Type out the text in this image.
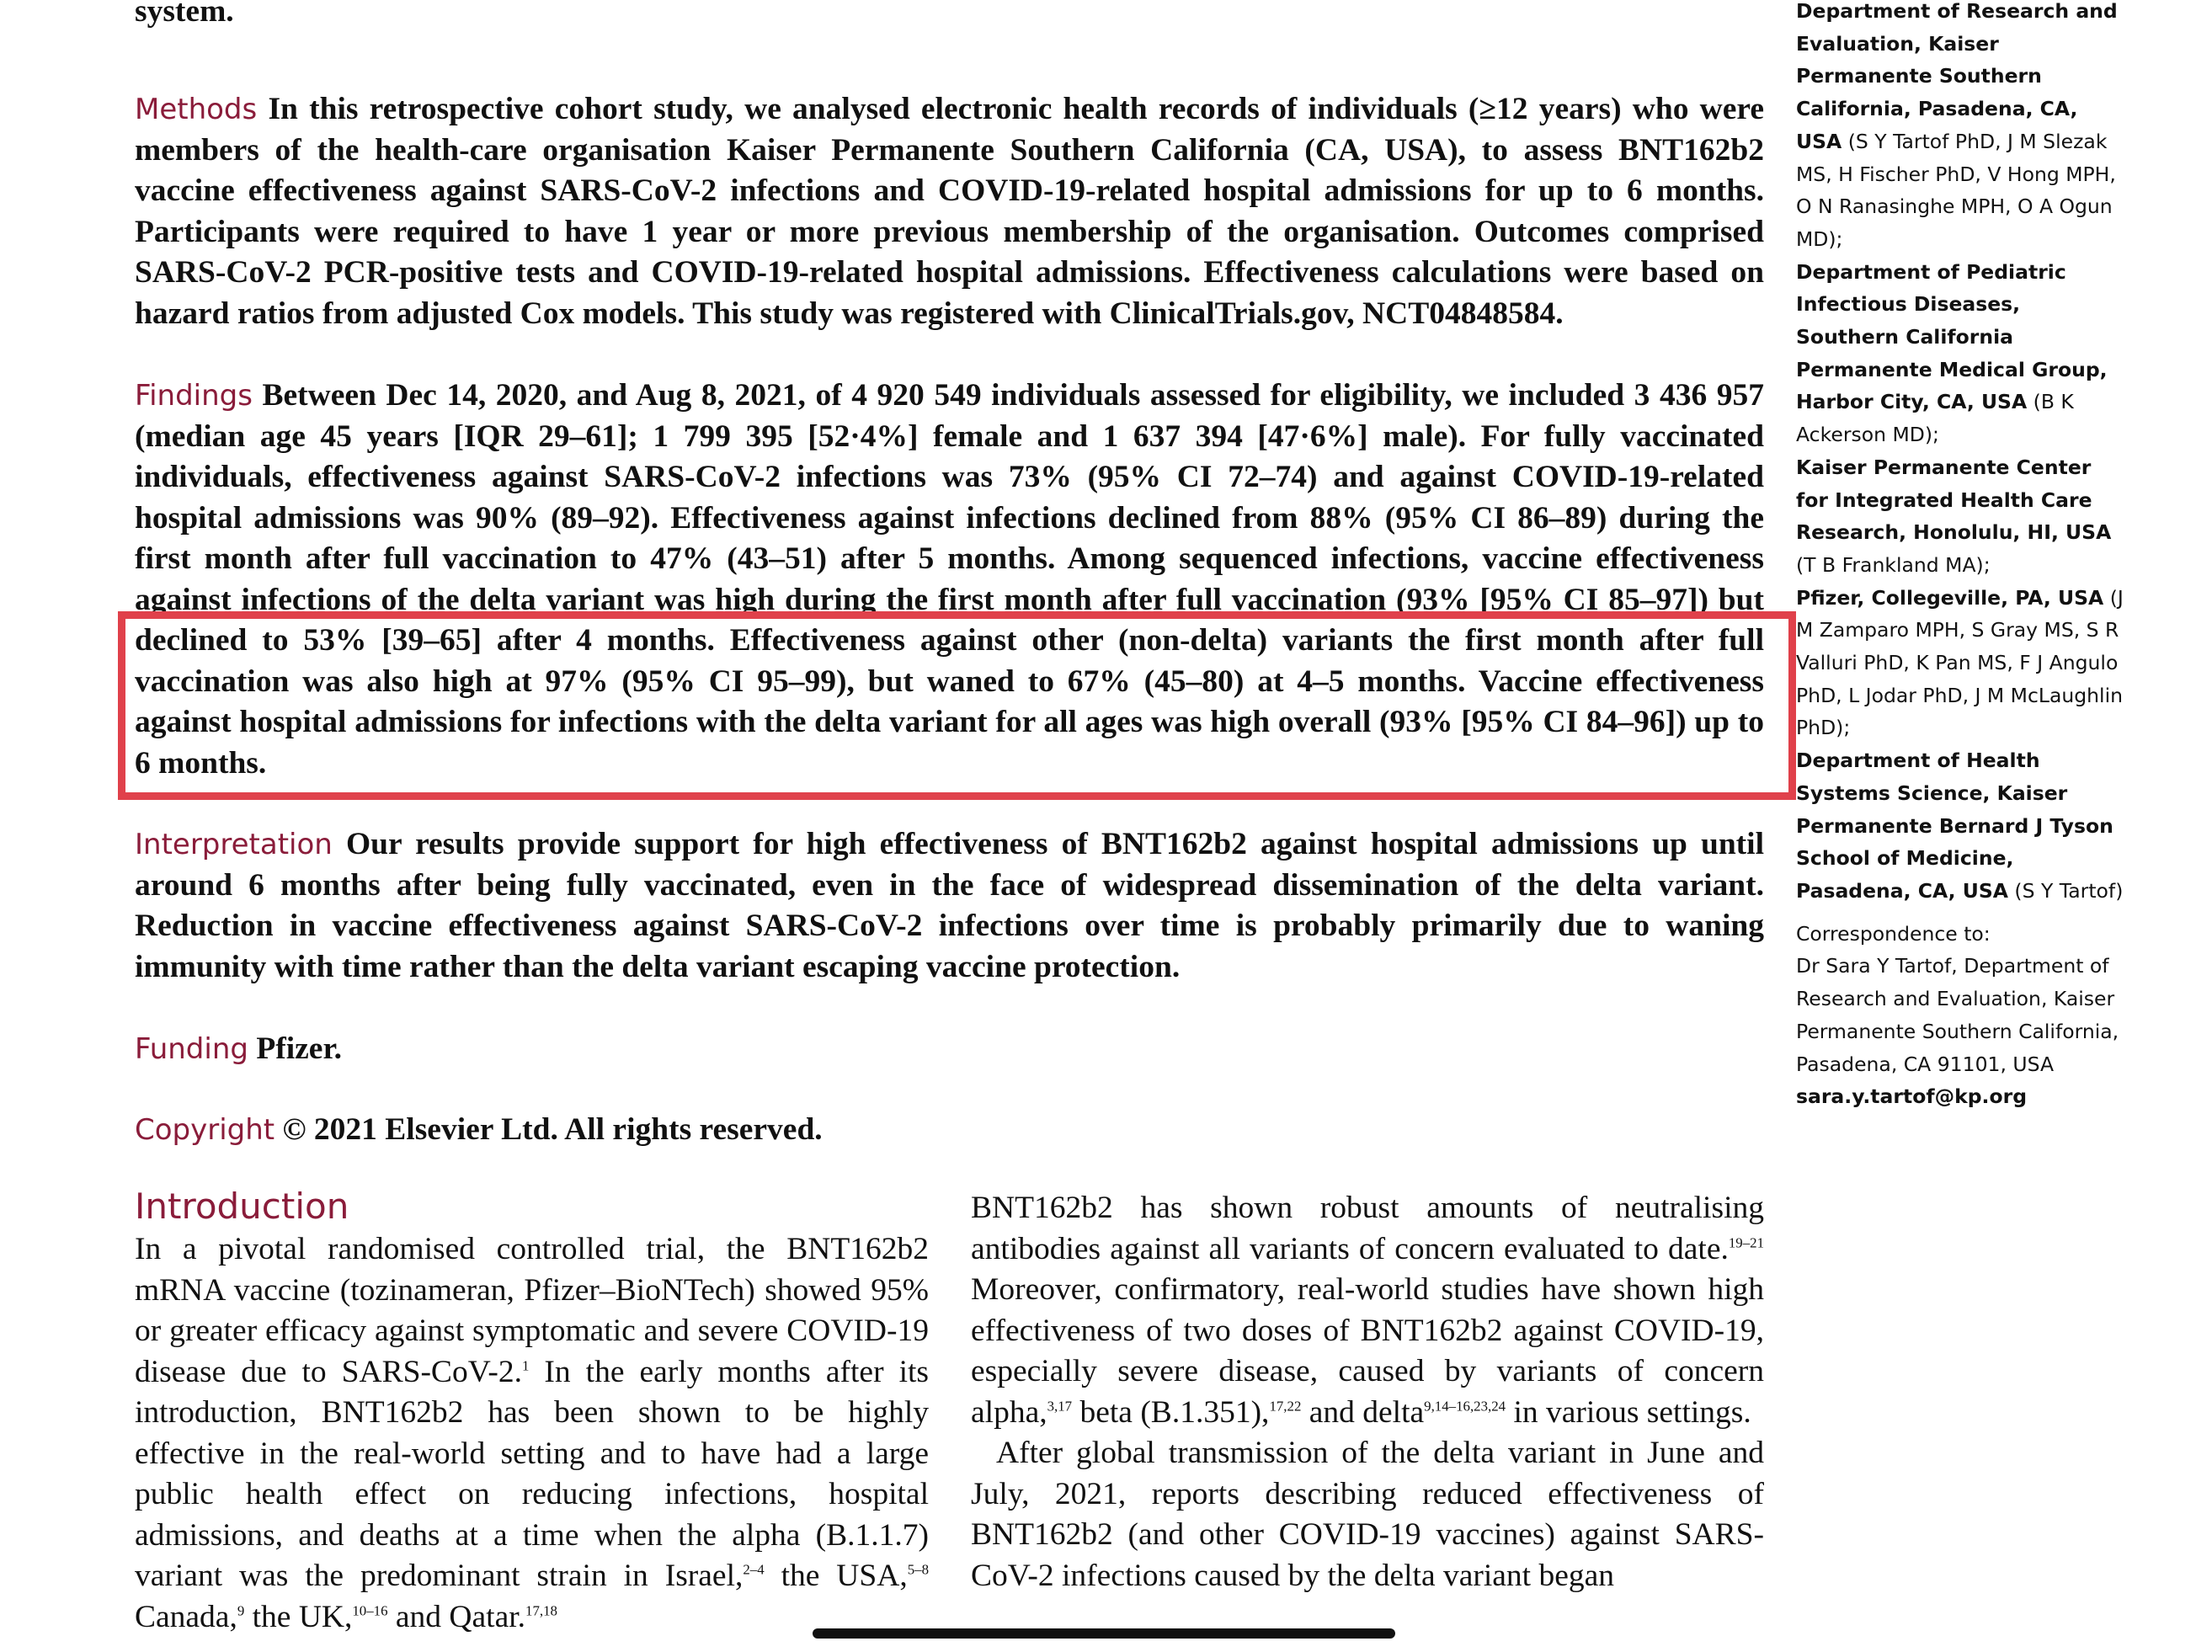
system.

Methods In this retrospective cohort study, we analysed electronic health records of individuals (≥12 years) who were members of the health-care organisation Kaiser Permanente Southern California (CA, USA), to assess BNT162b2 vaccine effectiveness against SARS-CoV-2 infections and COVID-19-related hospital admissions for up to 6 months. Participants were required to have 1 year or more previous membership of the organisation. Outcomes comprised SARS-CoV-2 PCR-positive tests and COVID-19-related hospital admissions. Effectiveness calculations were based on hazard ratios from adjusted Cox models. This study was registered with ClinicalTrials.gov, NCT04848584.

Findings Between Dec 14, 2020, and Aug 8, 2021, of 4 920 549 individuals assessed for eligibility, we included 3 436 957 (median age 45 years [IQR 29–61]; 1 799 395 [52·4%] female and 1 637 394 [47·6%] male). For fully vaccinated individuals, effectiveness against SARS-CoV-2 infections was 73% (95% CI 72–74) and against COVID-19-related hospital admissions was 90% (89–92). Effectiveness against infections declined from 88% (95% CI 86–89) during the first month after full vaccination to 47% (43–51) after 5 months. Among sequenced infections, vaccine effectiveness against infections of the delta variant was high during the first month after full vaccination (93% [95% CI 85–97]) but declined to 53% [39–65] after 4 months. Effectiveness against other (non-delta) variants the first month after full vaccination was also high at 97% (95% CI 95–99), but waned to 67% (45–80) at 4–5 months. Vaccine effectiveness against hospital admissions for infections with the delta variant for all ages was high overall (93% [95% CI 84–96]) up to 6 months.

Interpretation Our results provide support for high effectiveness of BNT162b2 against hospital admissions up until around 6 months after being fully vaccinated, even in the face of widespread dissemination of the delta variant. Reduction in vaccine effectiveness against SARS-CoV-2 infections over time is probably primarily due to waning immunity with time rather than the delta variant escaping vaccine protection.

Funding Pfizer.

Copyright © 2021 Elsevier Ltd. All rights reserved.

Department of Research and Evaluation, Kaiser Permanente Southern California, Pasadena, CA, USA (S Y Tartof PhD, J M Slezak MS, H Fischer PhD, V Hong MPH, O N Ranasinghe MPH, O A Ogun MD);

Department of Pediatric Infectious Diseases, Southern California Permanente Medical Group, Harbor City, CA, USA (B K Ackerson MD);

Kaiser Permanente Center for Integrated Health Care Research, Honolulu, HI, USA (T B Frankland MA);

Pfizer, Collegeville, PA, USA (J M Zamparo MPH, S Gray MS, S R Valluri PhD, K Pan MS, F J Angulo PhD, L Jodar PhD, J M McLaughlin PhD);

Department of Health Systems Science, Kaiser Permanente Bernard J Tyson School of Medicine, Pasadena, CA, USA (S Y Tartof)

Correspondence to:

Dr Sara Y Tartof, Department of Research and Evaluation, Kaiser Permanente Southern California, Pasadena, CA 91101, USA

sara.y.tartof@kp.org

Introduction

In a pivotal randomised controlled trial, the BNT162b2 mRNA vaccine (tozinameran, Pfizer–BioNTech) showed 95% or greater efficacy against symptomatic and severe COVID-19 disease due to SARS-CoV-2.$^1$ In the early months after its introduction, BNT162b2 has been shown to be highly effective in the real-world setting and to have had a large public health effect on reducing infections, hospital admissions, and deaths at a time when the alpha (B.1.1.7) variant was the predominant strain in Israel,$^{2-4}$ the USA,$^{5-8}$ Canada,$^9$ the UK,$^{10-16}$ and Qatar.$^{17,18}$

BNT162b2 has shown robust amounts of neutralising antibodies against all variants of concern evaluated to date.$^{19-21}$ Moreover, confirmatory, real-world studies have shown high effectiveness of two doses of BNT162b2 against COVID-19, especially severe disease, caused by variants of concern alpha,$^{3,17}$ beta (B.1.351),$^{17,22}$ and delta$^{9,14-16,23,24}$ in various settings.

After global transmission of the delta variant in June and July, 2021, reports describing reduced effectiveness of BNT162b2 (and other COVID-19 vaccines) against SARS-CoV-2 infections caused by the delta variant began
